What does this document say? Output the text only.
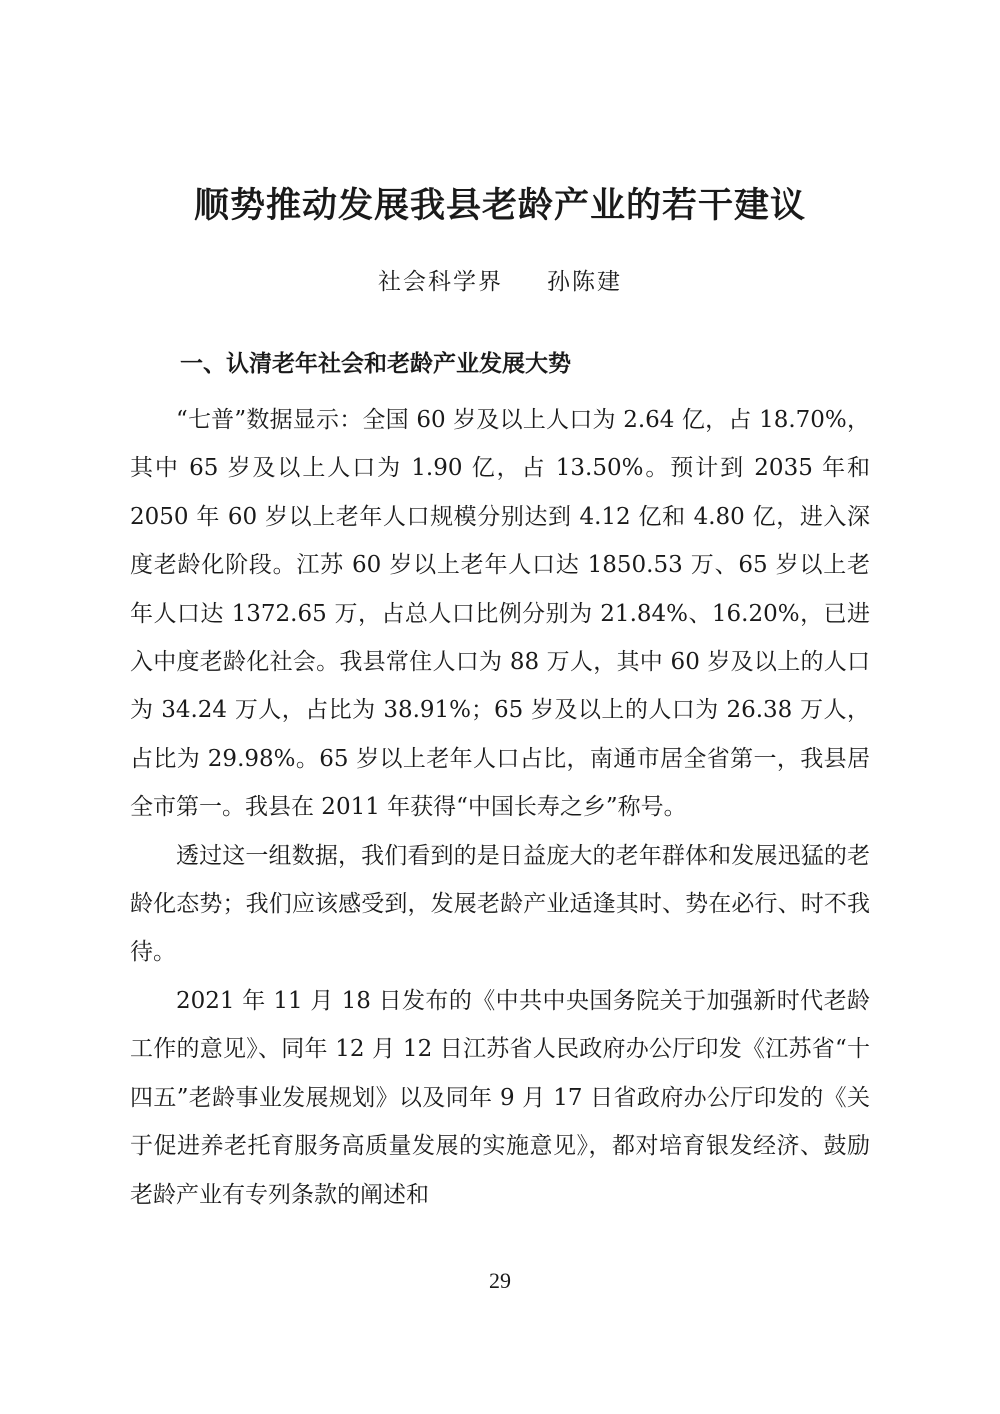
顺势推动发展我县老龄产业的若干建议
社会科学界 孙陈建
一、认清老年社会和老龄产业发展大势

“七普”数据显示：全国 60 岁及以上人口为 2.64 亿，占 18.70%，其中 65 岁及以上人口为 1.90 亿，占 13.50%。预计到 2035 年和 2050 年 60 岁以上老年人口规模分别达到 4.12 亿和 4.80 亿，进入深度老龄化阶段。江苏 60 岁以上老年人口达 1850.53 万、65 岁以上老年人口达 1372.65 万，占总人口比例分别为 21.84%、16.20%，已进入中度老龄化社会。我县常住人口为 88 万人，其中 60 岁及以上的人口为 34.24 万人，占比为 38.91%；65 岁及以上的人口为 26.38 万人，占比为 29.98%。65 岁以上老年人口占比，南通市居全省第一，我县居全市第一。我县在 2011 年获得“中国长寿之乡”称号。

透过这一组数据，我们看到的是日益庞大的老年群体和发展迅猛的老龄化态势；我们应该感受到，发展老龄产业适逢其时、势在必行、时不我待。

2021 年 11 月 18 日发布的《中共中央国务院关于加强新时代老龄工作的意见》、同年 12 月 12 日江苏省人民政府办公厅印发《江苏省“十四五”老龄事业发展规划》以及同年 9 月 17 日省政府办公厅印发的《关于促进养老托育服务高质量发展的实施意见》，都对培育银发经济、鼓励老龄产业有专列条款的阐述和

29
